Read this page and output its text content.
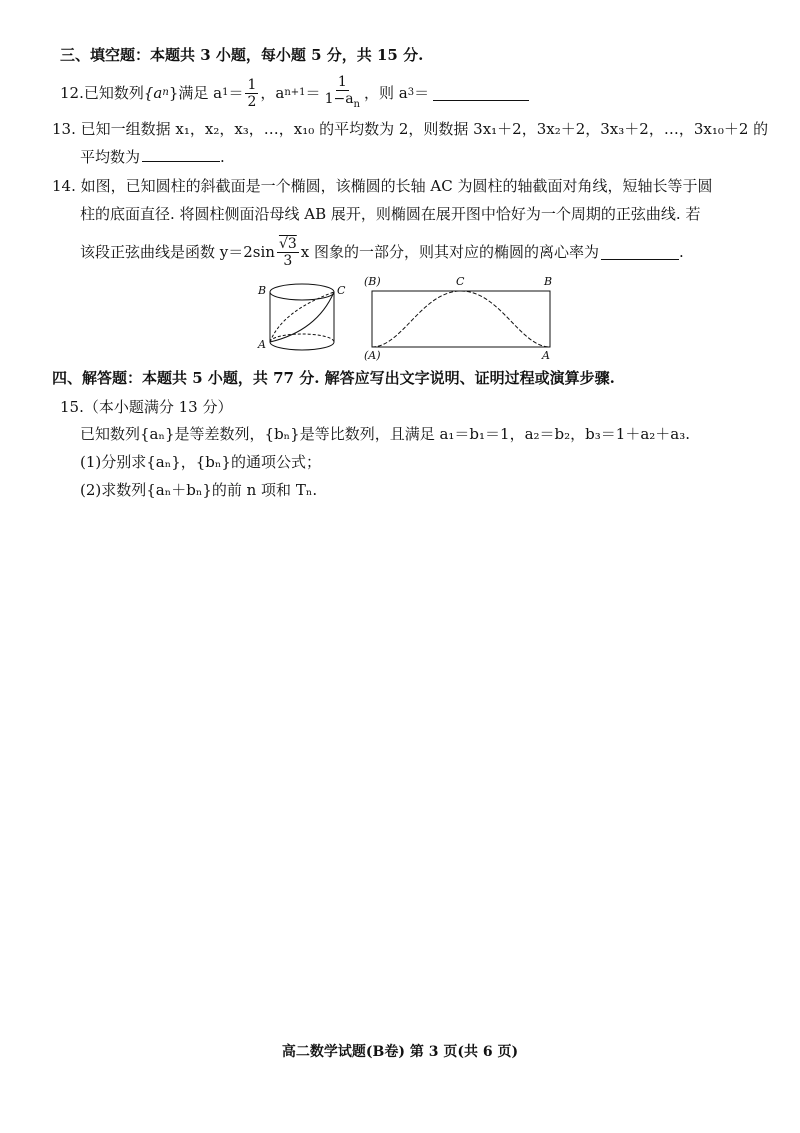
三、填空题：本题共 3 小题，每小题 5 分，共 15 分.
12. 已知数列 {a n } 满足 a $1 = \frac{1}{2}$ ，a $n+1 = \frac{1}{1-a_n}$ ，则 a 3 ＝
13. 已知一组数据 x₁，x₂，x₃，…，x₁₀ 的平均数为 2，则数据 3x₁＋2，3x₂＋2，3x₃＋2，…，3x₁₀＋2 的
平均数为	.
14. 如图，已知圆柱的斜截面是一个椭圆，该椭圆的长轴 AC 为圆柱的轴截面对角线，短轴长等于圆
柱的底面直径. 将圆柱侧面沿母线 AB 展开，则椭圆在展开图中恰好为一个周期的正弦曲线. 若
该段正弦曲线是函数 $y=2\sin \frac{√3}{3}$ x 图象的一部分，则其对应的椭圆的离心率为	.
B	C
A
(B)	C	B
(A)	A
四、解答题：本题共 5 小题，共 77 分. 解答应写出文字说明、证明过程或演算步骤.
15.（本小题满分 13 分）
已知数列{aₙ}是等差数列，{bₙ}是等比数列，且满足 a₁＝b₁＝1，a₂＝b₂，b₃＝1＋a₂＋a₃.
(1)分别求{aₙ}，{bₙ}的通项公式；
(2)求数列{aₙ＋bₙ}的前 n 项和 Tₙ.
高二数学试题(B卷) 第 3 页(共 6 页)
